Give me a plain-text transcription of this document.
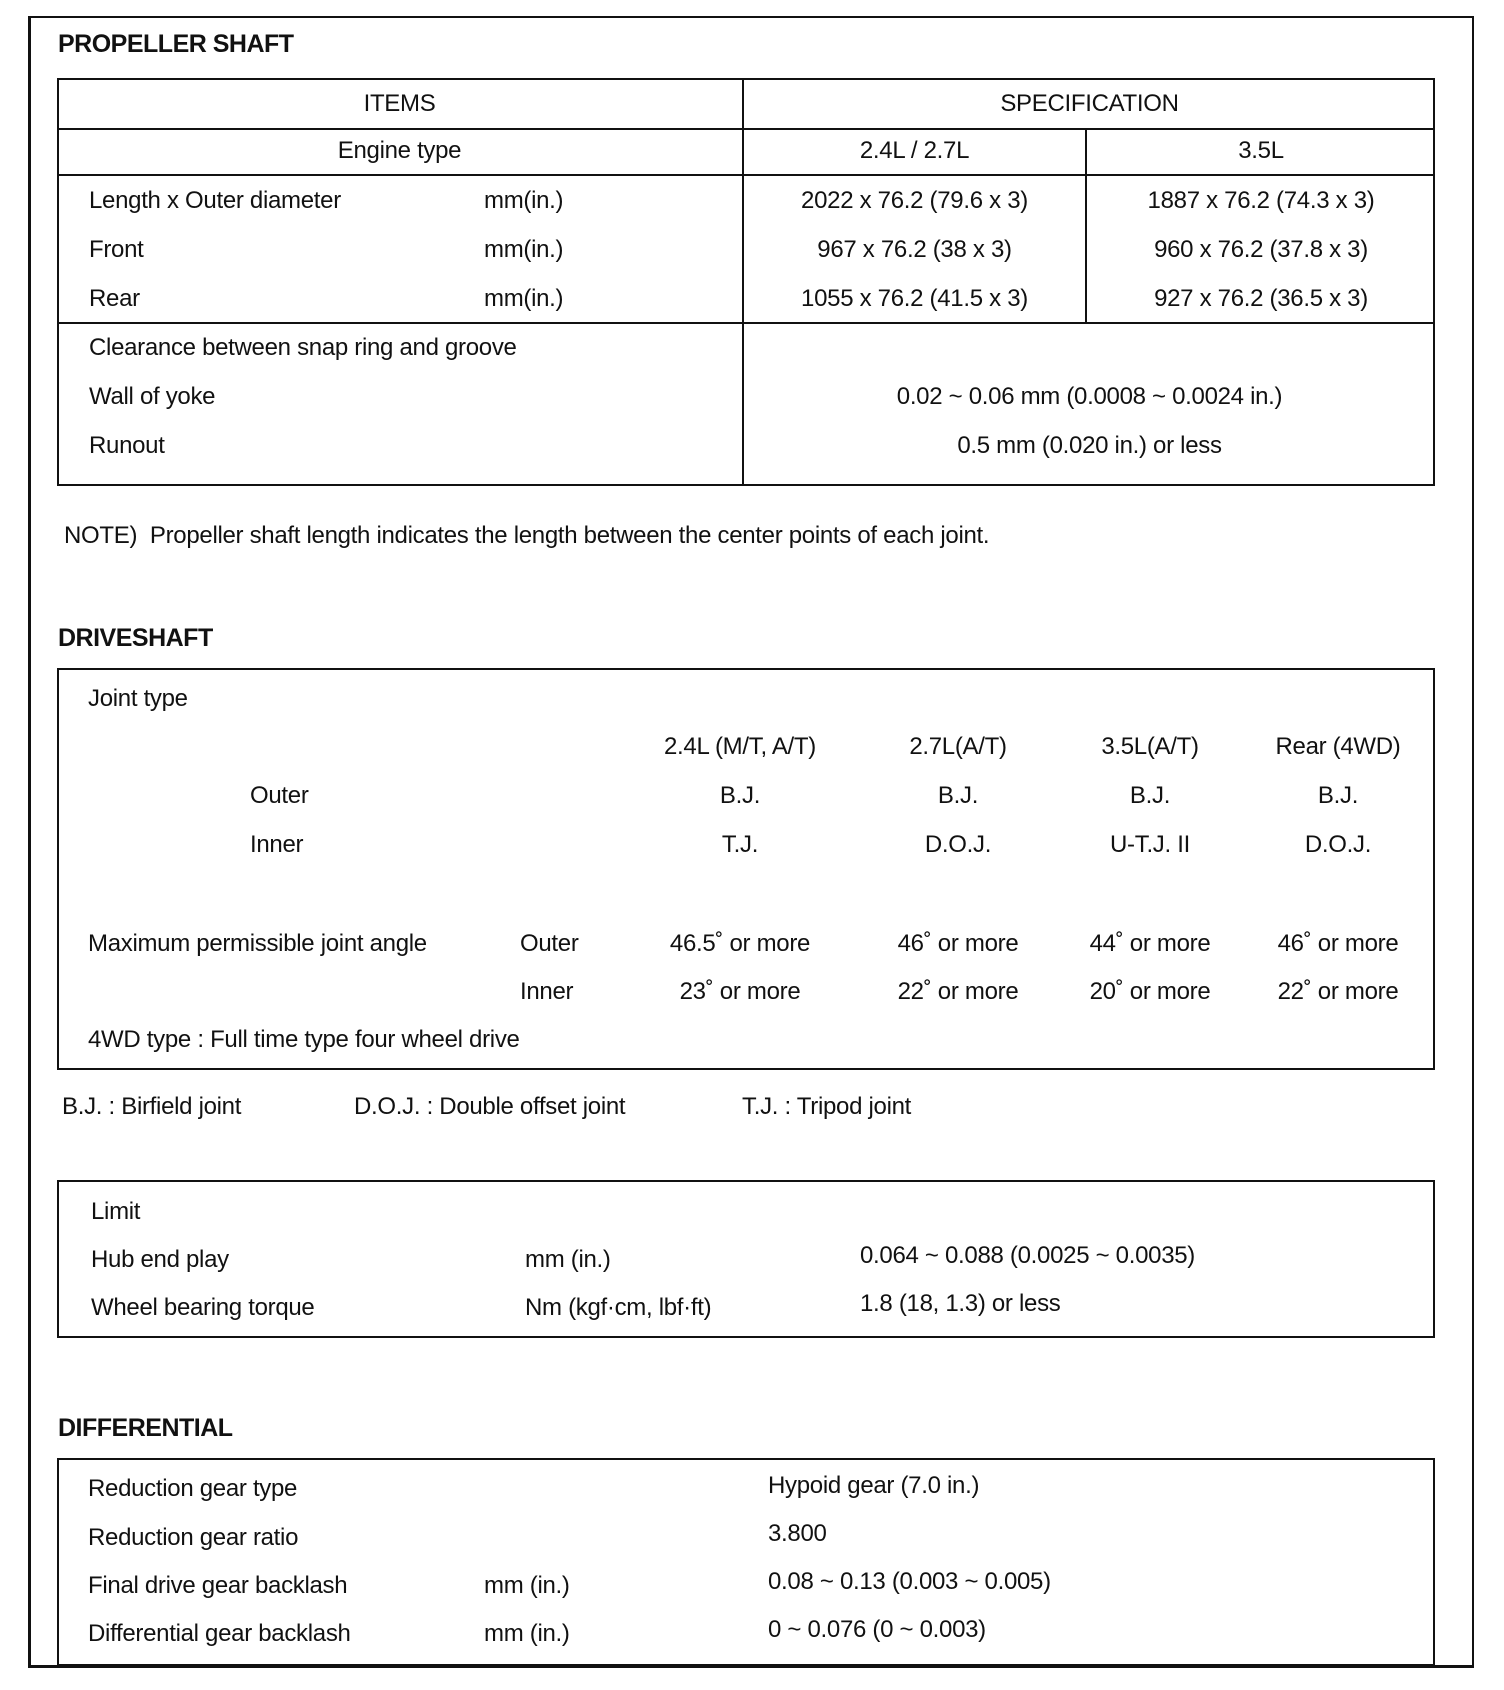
PROPELLER SHAFT
ITEMS	SPECIFICATION
Engine type	2.4L / 2.7L	3.5L
Length x Outer diameter	mm(in.)	2022 x 76.2 (79.6 x 3)	1887 x 76.2 (74.3 x 3)
Front	mm(in.)	967 x 76.2 (38 x 3)	960 x 76.2 (37.8 x 3)
Rear	mm(in.)	1055 x 76.2 (41.5 x 3)	927 x 76.2 (36.5 x 3)
Clearance between snap ring and groove
Wall of yoke	0.02 ~ 0.06 mm (0.0008 ~ 0.0024 in.)
Runout	0.5 mm (0.020 in.) or less
NOTE)  Propeller shaft length indicates the length between the center points of each joint.
DRIVESHAFT
Joint type
2.4L (M/T, A/T)	2.7L(A/T)	3.5L(A/T)	Rear (4WD)
Outer	B.J.	B.J.	B.J.	B.J.
Inner	T.J.	D.O.J.	U-T.J. II	D.O.J.
Maximum permissible joint angle	Outer	46.5˚ or more	46˚ or more	44˚ or more	46˚ or more
Inner	23˚ or more	22˚ or more	20˚ or more	22˚ or more
4WD type : Full time type four wheel drive
B.J. : Birfield joint	D.O.J. : Double offset joint	T.J. : Tripod joint
Limit
Hub end play	mm (in.)	0.064 ~ 0.088 (0.0025 ~ 0.0035)
Wheel bearing torque	Nm (kgf·cm, lbf·ft)	1.8 (18, 1.3) or less
DIFFERENTIAL
Reduction gear type	Hypoid gear (7.0 in.)
Reduction gear ratio	3.800
Final drive gear backlash	mm (in.)	0.08 ~ 0.13 (0.003 ~ 0.005)
Differential gear backlash	mm (in.)	0 ~ 0.076 (0 ~ 0.003)
